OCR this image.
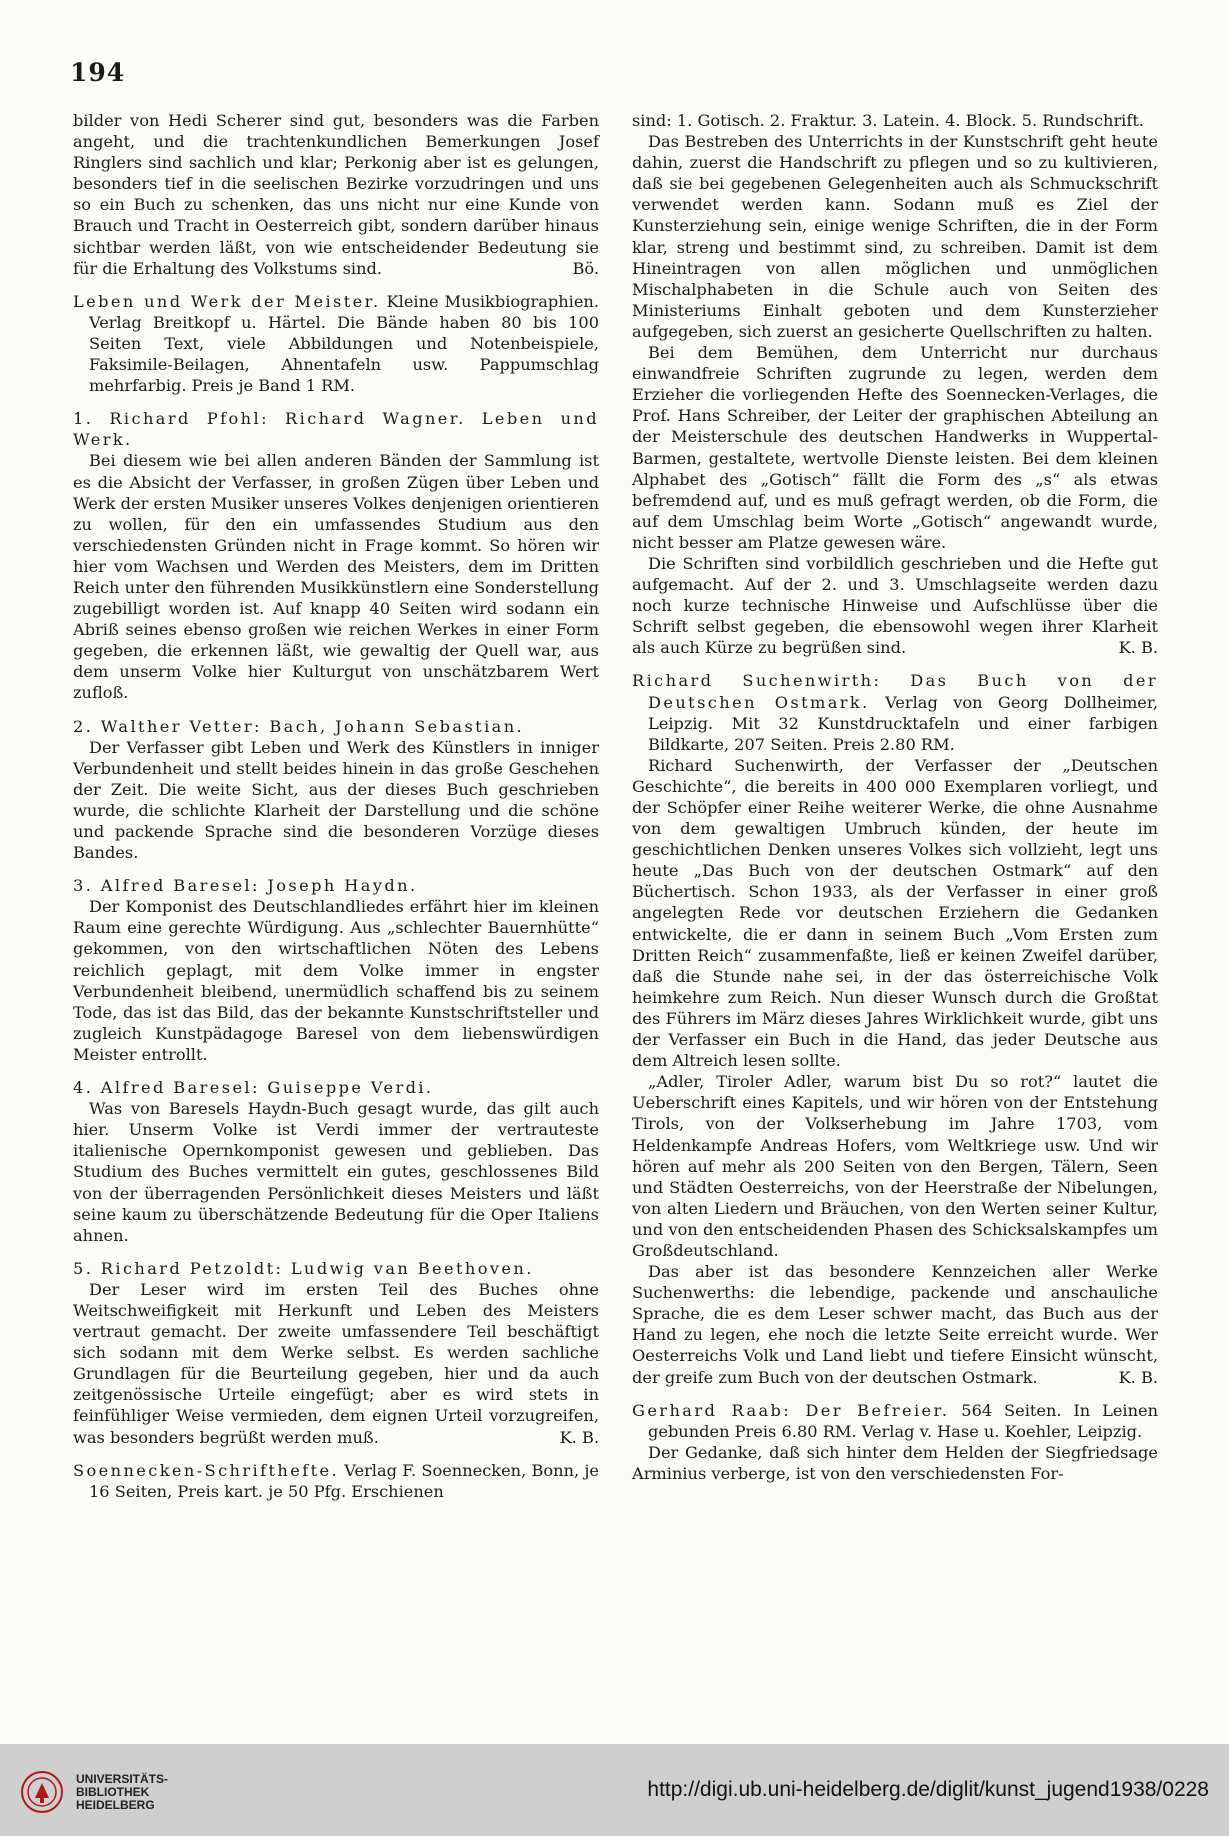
194

bilder von Hedi Scherer sind gut, besonders was die Farben angeht, und die trachtenkundlichen Bemerkungen Josef Ringlers sind sachlich und klar; Perkonig aber ist es gelungen, besonders tief in die seelischen Bezirke vorzudringen und uns so ein Buch zu schenken, das uns nicht nur eine Kunde von Brauch und Tracht in Oesterreich gibt, sondern darüber hinaus sichtbar werden läßt, von wie entscheidender Bedeutung sie für die Erhaltung des Volkstums sind.	Bö.

Leben und Werk der Meister. Kleine Musikbiographien. Verlag Breitkopf u. Härtel. Die Bände haben 80 bis 100 Seiten Text, viele Abbildungen und Notenbeispiele, Faksimile-Beilagen, Ahnentafeln usw. Pappumschlag mehrfarbig. Preis je Band 1 RM.

1. Richard Pfohl: Richard Wagner. Leben und Werk.

Bei diesem wie bei allen anderen Bänden der Sammlung ist es die Absicht der Verfasser, in großen Zügen über Leben und Werk der ersten Musiker unseres Volkes denjenigen orientieren zu wollen, für den ein umfassendes Studium aus den verschiedensten Gründen nicht in Frage kommt. So hören wir hier vom Wachsen und Werden des Meisters, dem im Dritten Reich unter den führenden Musikkünstlern eine Sonderstellung zugebilligt worden ist. Auf knapp 40 Seiten wird sodann ein Abriß seines ebenso großen wie reichen Werkes in einer Form gegeben, die erkennen läßt, wie gewaltig der Quell war, aus dem unserm Volke hier Kulturgut von unschätzbarem Wert zufloß.

2. Walther Vetter: Bach, Johann Sebastian.

Der Verfasser gibt Leben und Werk des Künstlers in inniger Verbundenheit und stellt beides hinein in das große Geschehen der Zeit. Die weite Sicht, aus der dieses Buch geschrieben wurde, die schlichte Klarheit der Darstellung und die schöne und packende Sprache sind die besonderen Vorzüge dieses Bandes.

3. Alfred Baresel: Joseph Haydn.

Der Komponist des Deutschlandliedes erfährt hier im kleinen Raum eine gerechte Würdigung. Aus „schlechter Bauernhütte“ gekommen, von den wirtschaftlichen Nöten des Lebens reichlich geplagt, mit dem Volke immer in engster Verbundenheit bleibend, unermüdlich schaffend bis zu seinem Tode, das ist das Bild, das der bekannte Kunstschriftsteller und zugleich Kunstpädagoge Baresel von dem liebenswürdigen Meister entrollt.

4. Alfred Baresel: Guiseppe Verdi.

Was von Baresels Haydn-Buch gesagt wurde, das gilt auch hier. Unserm Volke ist Verdi immer der vertrauteste italienische Opernkomponist gewesen und geblieben. Das Studium des Buches vermittelt ein gutes, geschlossenes Bild von der überragenden Persönlichkeit dieses Meisters und läßt seine kaum zu überschätzende Bedeutung für die Oper Italiens ahnen.

5. Richard Petzoldt: Ludwig van Beethoven.

Der Leser wird im ersten Teil des Buches ohne Weitschweifigkeit mit Herkunft und Leben des Meisters vertraut gemacht. Der zweite umfassendere Teil beschäftigt sich sodann mit dem Werke selbst. Es werden sachliche Grundlagen für die Beurteilung gegeben, hier und da auch zeitgenössische Urteile eingefügt; aber es wird stets in feinfühliger Weise vermieden, dem eignen Urteil vorzugreifen, was besonders begrüßt werden muß.	K. B.

Soennecken-Schrifthefte. Verlag F. Soennecken, Bonn, je 16 Seiten, Preis kart. je 50 Pfg. Erschienen

sind: 1. Gotisch. 2. Fraktur. 3. Latein. 4. Block. 5. Rundschrift.

Das Bestreben des Unterrichts in der Kunstschrift geht heute dahin, zuerst die Handschrift zu pflegen und so zu kultivieren, daß sie bei gegebenen Gelegenheiten auch als Schmuckschrift verwendet werden kann. Sodann muß es Ziel der Kunsterziehung sein, einige wenige Schriften, die in der Form klar, streng und bestimmt sind, zu schreiben. Damit ist dem Hineintragen von allen möglichen und unmöglichen Mischalphabeten in die Schule auch von Seiten des Ministeriums Einhalt geboten und dem Kunsterzieher aufgegeben, sich zuerst an gesicherte Quellschriften zu halten.

Bei dem Bemühen, dem Unterricht nur durchaus einwandfreie Schriften zugrunde zu legen, werden dem Erzieher die vorliegenden Hefte des Soennecken-Verlages, die Prof. Hans Schreiber, der Leiter der graphischen Abteilung an der Meisterschule des deutschen Handwerks in Wuppertal-Barmen, gestaltete, wertvolle Dienste leisten. Bei dem kleinen Alphabet des „Gotisch“ fällt die Form des „s“ als etwas befremdend auf, und es muß gefragt werden, ob die Form, die auf dem Umschlag beim Worte „Gotisch“ angewandt wurde, nicht besser am Platze gewesen wäre.

Die Schriften sind vorbildlich geschrieben und die Hefte gut aufgemacht. Auf der 2. und 3. Umschlagseite werden dazu noch kurze technische Hinweise und Aufschlüsse über die Schrift selbst gegeben, die ebensowohl wegen ihrer Klarheit als auch Kürze zu begrüßen sind.	K. B.

Richard Suchenwirth: Das Buch von der Deutschen Ostmark. Verlag von Georg Dollheimer, Leipzig. Mit 32 Kunstdrucktafeln und einer farbigen Bildkarte, 207 Seiten. Preis 2.80 RM.

Richard Suchenwirth, der Verfasser der „Deutschen Geschichte“, die bereits in 400 000 Exemplaren vorliegt, und der Schöpfer einer Reihe weiterer Werke, die ohne Ausnahme von dem gewaltigen Umbruch künden, der heute im geschichtlichen Denken unseres Volkes sich vollzieht, legt uns heute „Das Buch von der deutschen Ostmark“ auf den Büchertisch. Schon 1933, als der Verfasser in einer groß angelegten Rede vor deutschen Erziehern die Gedanken entwickelte, die er dann in seinem Buch „Vom Ersten zum Dritten Reich“ zusammenfaßte, ließ er keinen Zweifel darüber, daß die Stunde nahe sei, in der das österreichische Volk heimkehre zum Reich. Nun dieser Wunsch durch die Großtat des Führers im März dieses Jahres Wirklichkeit wurde, gibt uns der Verfasser ein Buch in die Hand, das jeder Deutsche aus dem Altreich lesen sollte.

„Adler, Tiroler Adler, warum bist Du so rot?“ lautet die Ueberschrift eines Kapitels, und wir hören von der Entstehung Tirols, von der Volkserhebung im Jahre 1703, vom Heldenkampfe Andreas Hofers, vom Weltkriege usw. Und wir hören auf mehr als 200 Seiten von den Bergen, Tälern, Seen und Städten Oesterreichs, von der Heerstraße der Nibelungen, von alten Liedern und Bräuchen, von den Werten seiner Kultur, und von den entscheidenden Phasen des Schicksalskampfes um Großdeutschland.

Das aber ist das besondere Kennzeichen aller Werke Suchenwerths: die lebendige, packende und anschauliche Sprache, die es dem Leser schwer macht, das Buch aus der Hand zu legen, ehe noch die letzte Seite erreicht wurde. Wer Oesterreichs Volk und Land liebt und tiefere Einsicht wünscht, der greife zum Buch von der deutschen Ostmark.	K. B.

Gerhard Raab: Der Befreier. 564 Seiten. In Leinen gebunden Preis 6.80 RM. Verlag v. Hase u. Koehler, Leipzig.

Der Gedanke, daß sich hinter dem Helden der Siegfriedsage Arminius verberge, ist von den verschiedensten For-

UNIVERSITÄTS-
BIBLIOTHEK
HEIDELBERG
http://digi.ub.uni-heidelberg.de/diglit/kunst_jugend1938/0228
